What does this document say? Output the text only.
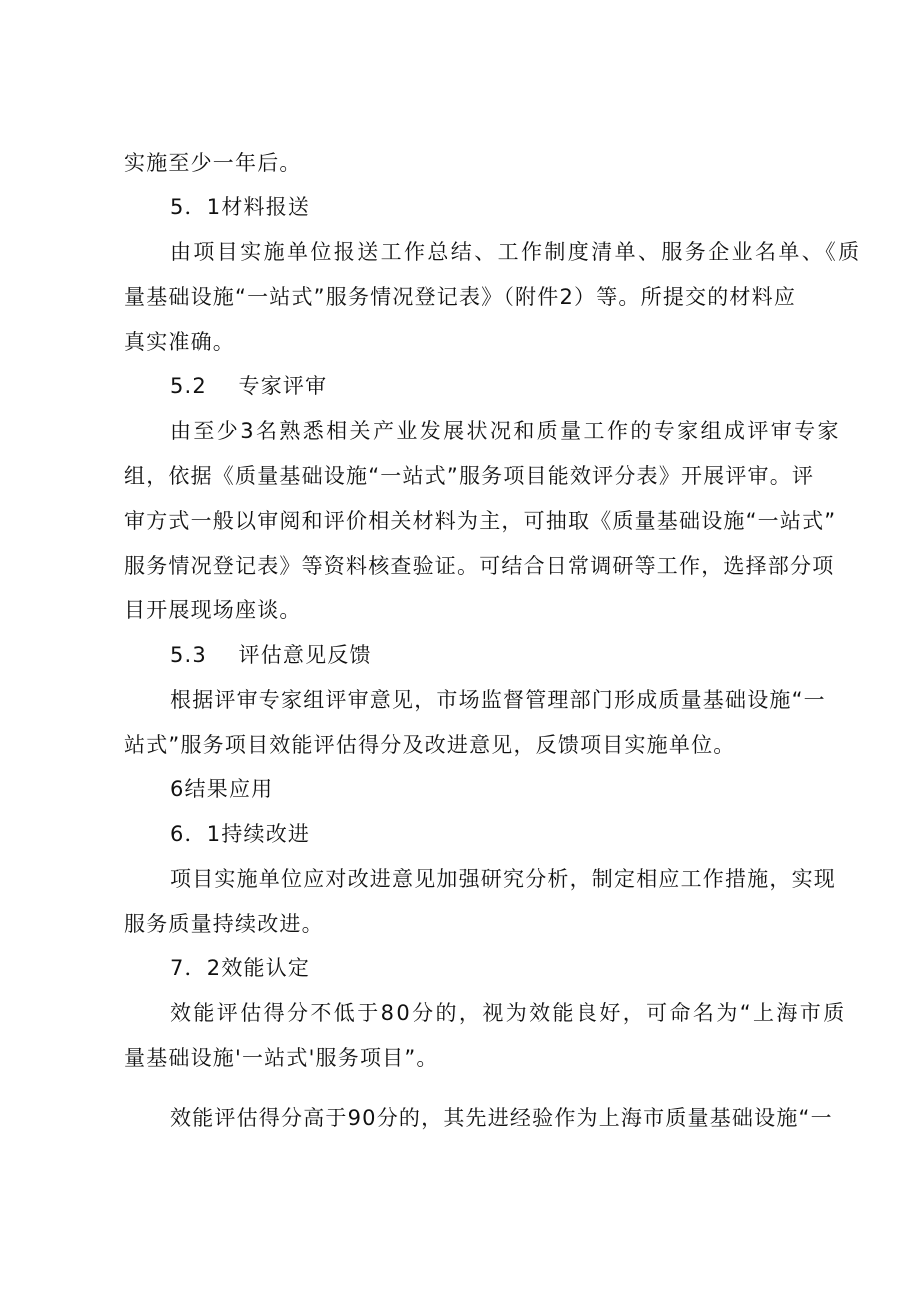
实施至少一年后。
5．1材料报送
由项目实施单位报送工作总结、工作制度清单、服务企业名单、《质
量基础设施“一站式”服务情况登记表》（附件2）等。所提交的材料应
真实准确。
5.2    专家评审
由至少3名熟悉相关产业发展状况和质量工作的专家组成评审专家
组，依据《质量基础设施“一站式”服务项目能效评分表》开展评审。评
审方式一般以审阅和评价相关材料为主，可抽取《质量基础设施“一站式”
服务情况登记表》等资料核查验证。可结合日常调研等工作，选择部分项
目开展现场座谈。
5.3    评估意见反馈
根据评审专家组评审意见，市场监督管理部门形成质量基础设施“一
站式”服务项目效能评估得分及改进意见，反馈项目实施单位。
6结果应用
6．1持续改进
项目实施单位应对改进意见加强研究分析，制定相应工作措施，实现
服务质量持续改进。
7．2效能认定
效能评估得分不低于80分的，视为效能良好，可命名为“上海市质
量基础设施'一站式'服务项目”。
效能评估得分高于90分的，其先进经验作为上海市质量基础设施“一
